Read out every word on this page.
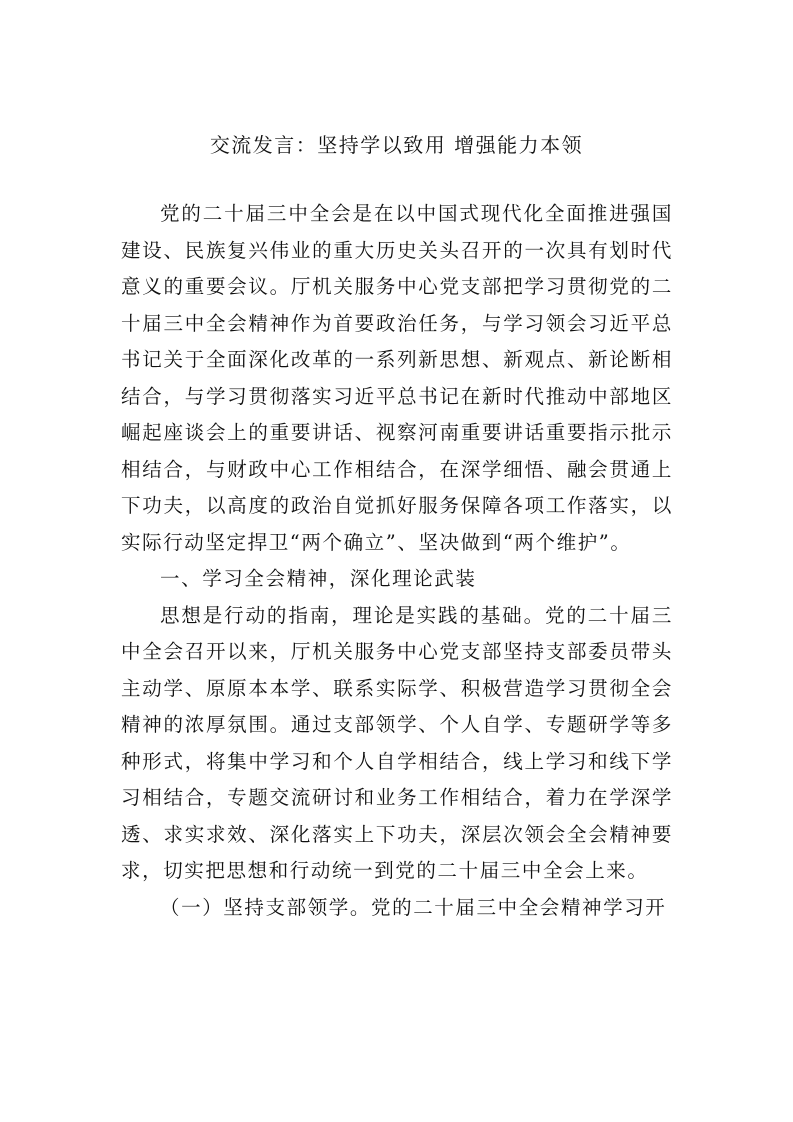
交流发言：坚持学以致用 增强能力本领

党的二十届三中全会是在以中国式现代化全面推进强国建设、民族复兴伟业的重大历史关头召开的一次具有划时代意义的重要会议。厅机关服务中心党支部把学习贯彻党的二十届三中全会精神作为首要政治任务，与学习领会习近平总书记关于全面深化改革的一系列新思想、新观点、新论断相结合，与学习贯彻落实习近平总书记在新时代推动中部地区崛起座谈会上的重要讲话、视察河南重要讲话重要指示批示相结合，与财政中心工作相结合，在深学细悟、融会贯通上下功夫，以高度的政治自觉抓好服务保障各项工作落实，以实际行动坚定捍卫“两个确立”、坚决做到“两个维护”。

一、学习全会精神，深化理论武装

思想是行动的指南，理论是实践的基础。党的二十届三中全会召开以来，厅机关服务中心党支部坚持支部委员带头主动学、原原本本学、联系实际学、积极营造学习贯彻全会精神的浓厚氛围。通过支部领学、个人自学、专题研学等多种形式，将集中学习和个人自学相结合，线上学习和线下学习相结合，专题交流研讨和业务工作相结合，着力在学深学透、求实求效、深化落实上下功夫，深层次领会全会精神要求，切实把思想和行动统一到党的二十届三中全会上来。

（一）坚持支部领学。党的二十届三中全会精神学习开
